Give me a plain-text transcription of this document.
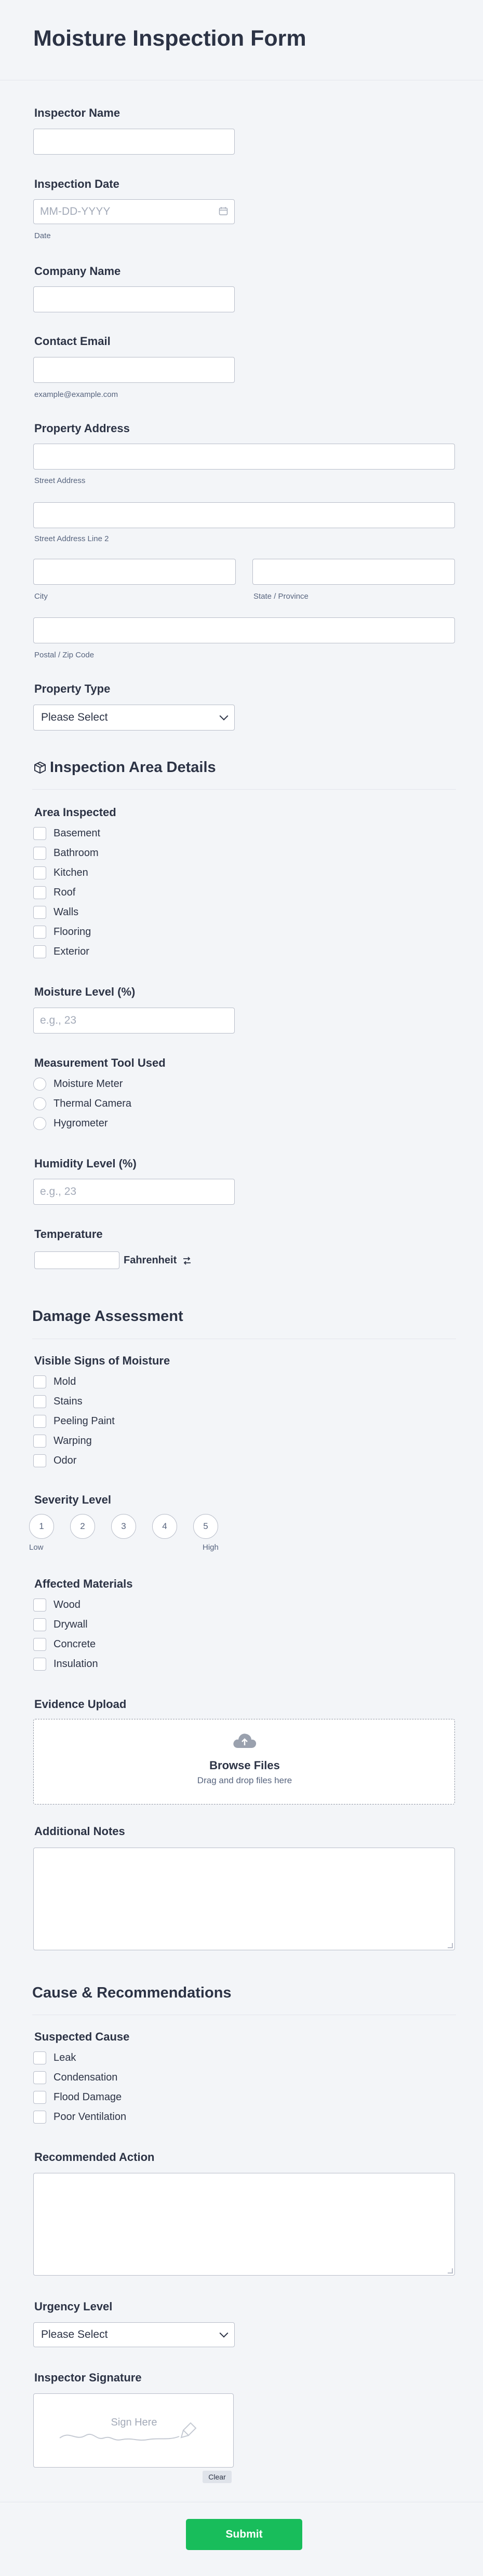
Moisture Inspection Form
Inspector Name
Inspection Date
MM-DD-YYYY
Date
Company Name
Contact Email
example@example.com
Property Address
Street Address
Street Address Line 2
City	State / Province
Postal / Zip Code
Property Type
Please Select
Inspection Area Details
Area Inspected
Basement
Bathroom
Kitchen
Roof
Walls
Flooring
Exterior
Moisture Level (%)
e.g., 23
Measurement Tool Used
Moisture Meter
Thermal Camera
Hygrometer
Humidity Level (%)
e.g., 23
Temperature
Fahrenheit
Damage Assessment
Visible Signs of Moisture
Mold
Stains
Peeling Paint
Warping
Odor
Severity Level
1	2	3	4	5
Low	High
Affected Materials
Wood
Drywall
Concrete
Insulation
Evidence Upload
Browse Files
Drag and drop files here
Additional Notes
Cause & Recommendations
Suspected Cause
Leak
Condensation
Flood Damage
Poor Ventilation
Recommended Action
Urgency Level
Please Select
Inspector Signature
Sign Here
Clear
Submit
